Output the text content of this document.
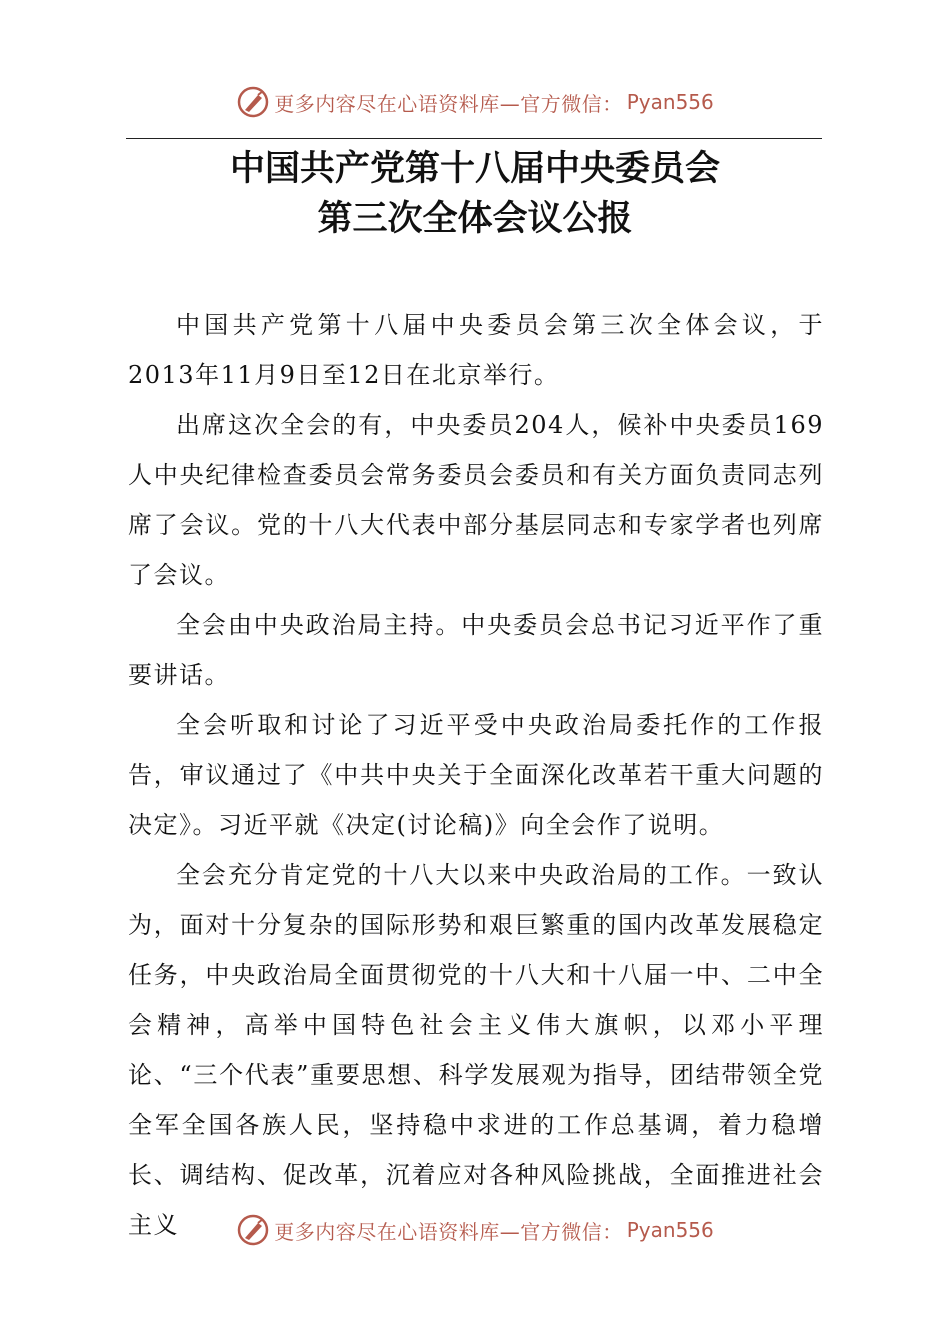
更多内容尽在心语资料库—官方微信： Pyan556
中国共产党第十八届中央委员会
第三次全体会议公报

中国共产党第十八届中央委员会第三次全体会议，于2013年11月9日至12日在北京举行。

出席这次全会的有，中央委员204人，候补中央委员169人中央纪律检查委员会常务委员会委员和有关方面负责同志列席了会议。党的十八大代表中部分基层同志和专家学者也列席了会议。

全会由中央政治局主持。中央委员会总书记习近平作了重要讲话。

全会听取和讨论了习近平受中央政治局委托作的工作报告，审议通过了《中共中央关于全面深化改革若干重大问题的决定》。习近平就《决定(讨论稿)》向全会作了说明。

全会充分肯定党的十八大以来中央政治局的工作。一致认为，面对十分复杂的国际形势和艰巨繁重的国内改革发展稳定任务，中央政治局全面贯彻党的十八大和十八届一中、二中全会精神，高举中国特色社会主义伟大旗帜，以邓小平理论、“三个代表”重要思想、科学发展观为指导，团结带领全党全军全国各族人民，坚持稳中求进的工作总基调，着力稳增长、调结构、促改革，沉着应对各种风险挑战，全面推进社会主义	更多内容尽在心语资料库—官方微信： Pyan556
